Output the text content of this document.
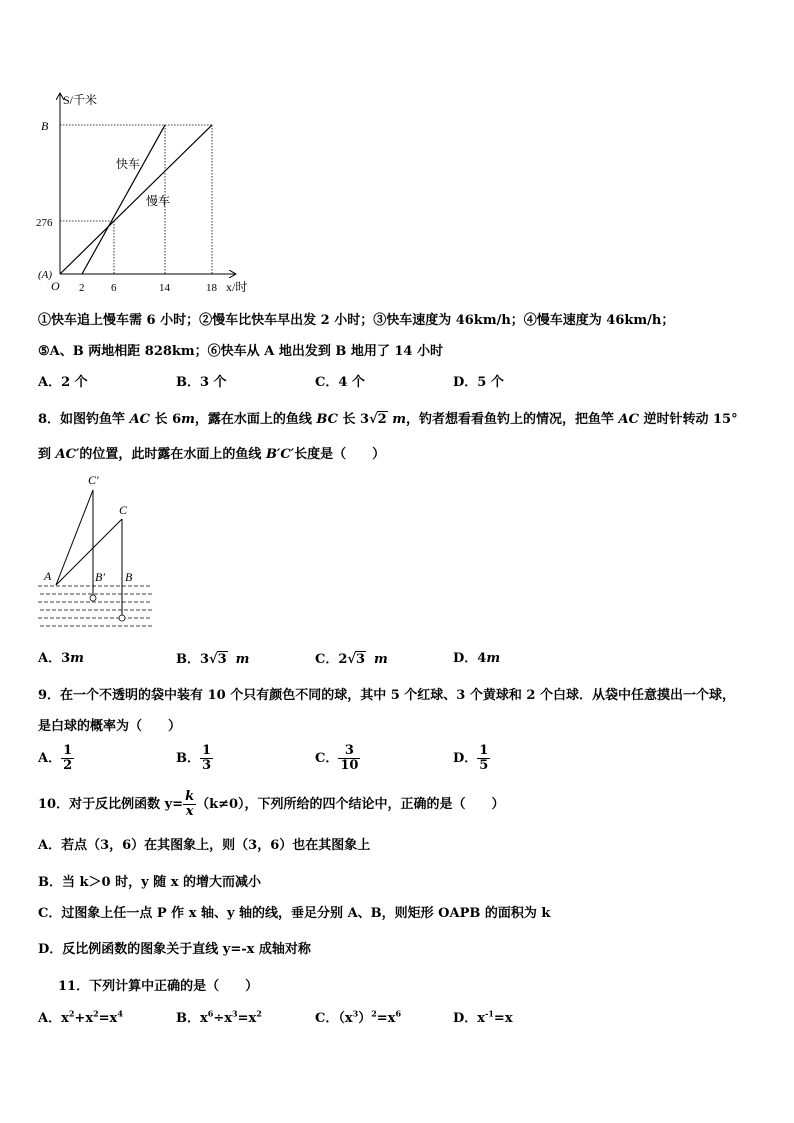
S/千米
B
276
(A)
O 2 6	14	18 x/时
快车
慢车
①快车追上慢车需 6 小时；②慢车比快车早出发 2 小时；③快车速度为 46km/h；④慢车速度为 46km/h；
⑤A、B 两地相距 828km；⑥快车从 A 地出发到 B 地用了 14 小时
A．2 个	B．3 个	C．4 个	D．5 个
8．如图钓鱼竿 AC 长 6m，露在水面上的鱼线 BC 长 3√2 m，钓者想看看鱼钓上的情况，把鱼竿 AC 逆时针转动 15°
到 AC′的位置，此时露在水面上的鱼线 B′C′长度是（　　）
C′
C
A	B′ B
A．3m	B．3√3 m	C．2√3 m	D．4m
9．在一个不透明的袋中装有 10 个只有颜色不同的球，其中 5 个红球、3 个黄球和 2 个白球．从袋中任意摸出一个球，
是白球的概率为（　　）
A． $\frac{1}{2}$	B． $\frac{1}{3}$	C． $\frac{3}{10}$	D． $\frac{1}{5}$
10．对于反比例函数 $y= \frac{k}{x} (k\ne 0)$，下列所给的四个结论中，正确的是（　　）
A．若点（3，6）在其图象上，则（3，6）也在其图象上
B．当 k＞0 时，y 随 x 的增大而减小
C．过图象上任一点 P 作 x 轴、y 轴的线，垂足分别 A、B，则矩形 OAPB 的面积为 k
D．反比例函数的图象关于直线 y=-x 成轴对称
11．下列计算中正确的是（　　）
A．$x^2+x^2=x^4$	B．$x^6\div x^3=x^2$	C．$(x^3)^2=x^6$	D．$x^{-1}=x$
